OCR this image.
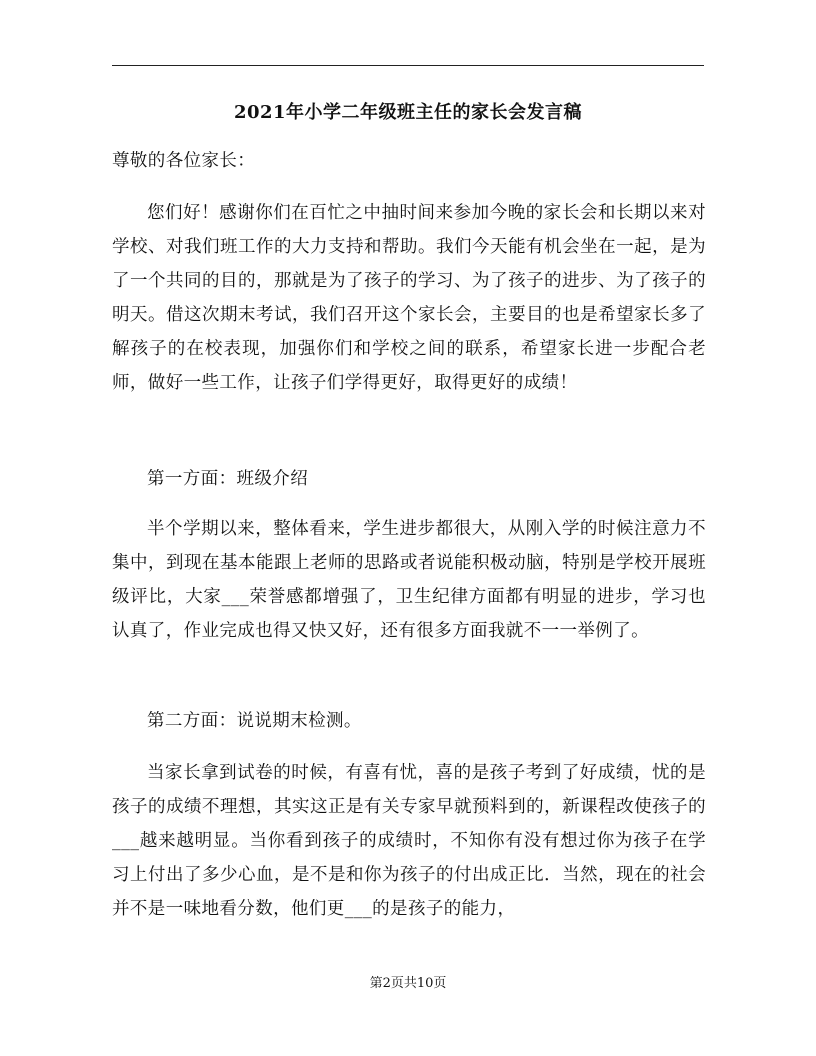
2021年小学二年级班主任的家长会发言稿
尊敬的各位家长：
您们好！感谢你们在百忙之中抽时间来参加今晚的家长会和长期以来对学校、对我们班工作的大力支持和帮助。我们今天能有机会坐在一起，是为了一个共同的目的，那就是为了孩子的学习、为了孩子的进步、为了孩子的明天。借这次期末考试，我们召开这个家长会，主要目的也是希望家长多了解孩子的在校表现，加强你们和学校之间的联系，希望家长进一步配合老师，做好一些工作，让孩子们学得更好，取得更好的成绩！
第一方面：班级介绍
半个学期以来，整体看来，学生进步都很大，从刚入学的时候注意力不集中，到现在基本能跟上老师的思路或者说能积极动脑，特别是学校开展班级评比，大家___荣誉感都增强了，卫生纪律方面都有明显的进步，学习也认真了，作业完成也得又快又好，还有很多方面我就不一一举例了。
第二方面：说说期末检测。
当家长拿到试卷的时候，有喜有忧，喜的是孩子考到了好成绩，忧的是孩子的成绩不理想，其实这正是有关专家早就预料到的，新课程改使孩子的___越来越明显。当你看到孩子的成绩时，不知你有没有想过你为孩子在学习上付出了多少心血，是不是和你为孩子的付出成正比．当然，现在的社会并不是一味地看分数，他们更___的是孩子的能力，
第2页共10页
